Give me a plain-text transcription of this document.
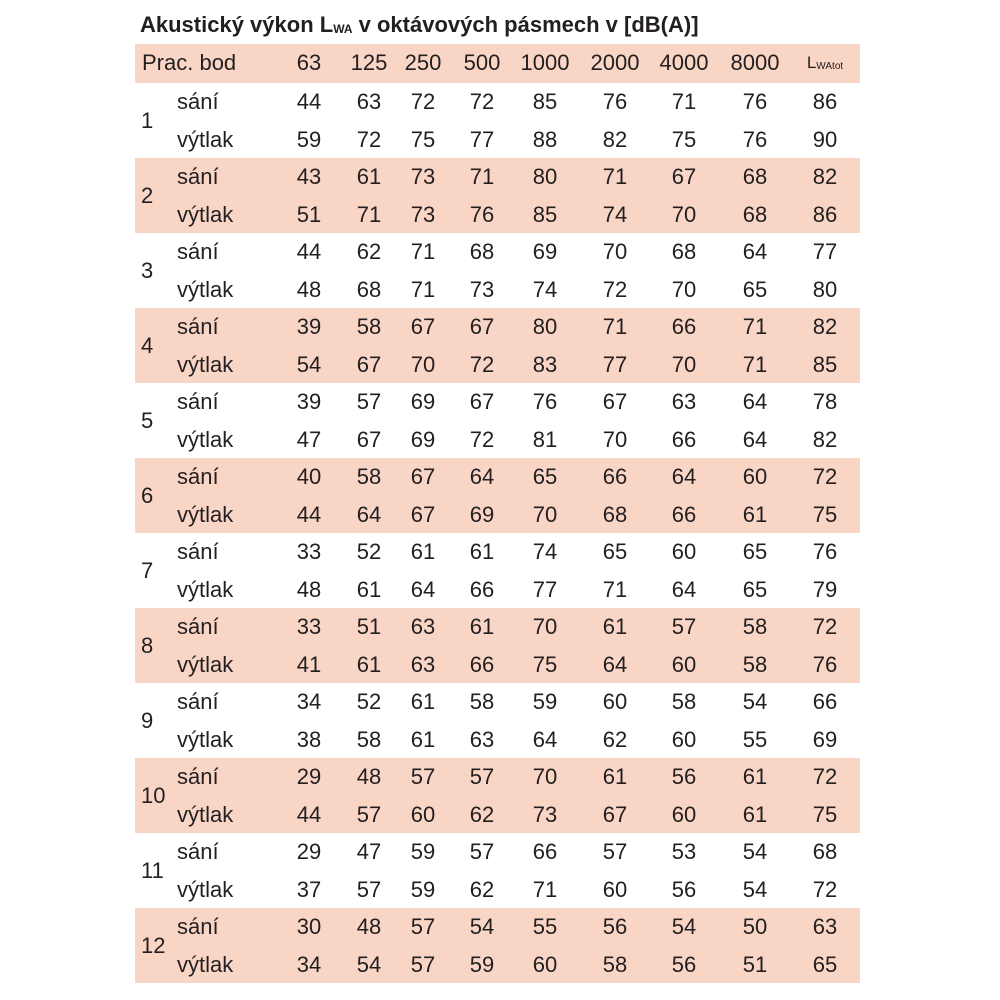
Akustický výkon $L_{WA}$ v oktávových pásmech v [dB(A)]
Prac. bod	63 125 250 500 1000 2000 4000 8000	$L_{WAtot}$
1
sání	44	63	72	72	85	76	71	76	86
výtlak	59	72	75	77	88	82	75	76	90
2
sání	43	61	73	71	80	71	67	68	82
výtlak	51	71	73	76	85	74	70	68	86
3
sání	44	62	71	68	69	70	68	64	77
výtlak	48	68	71	73	74	72	70	65	80
4
sání	39	58	67	67	80	71	66	71	82
výtlak	54	67	70	72	83	77	70	71	85
5
sání	39	57	69	67	76	67	63	64	78
výtlak	47	67	69	72	81	70	66	64	82
6
sání	40	58	67	64	65	66	64	60	72
výtlak	44	64	67	69	70	68	66	61	75
7
sání	33	52	61	61	74	65	60	65	76
výtlak	48	61	64	66	77	71	64	65	79
8
sání	33	51	63	61	70	61	57	58	72
výtlak	41	61	63	66	75	64	60	58	76
9
sání	34	52	61	58	59	60	58	54	66
výtlak	38	58	61	63	64	62	60	55	69
10
sání	29	48	57	57	70	61	56	61	72
výtlak	44	57	60	62	73	67	60	61	75
11
sání	29	47	59	57	66	57	53	54	68
výtlak	37	57	59	62	71	60	56	54	72
12
sání	30	48	57	54	55	56	54	50	63
výtlak	34	54	57	59	60	58	56	51	65
